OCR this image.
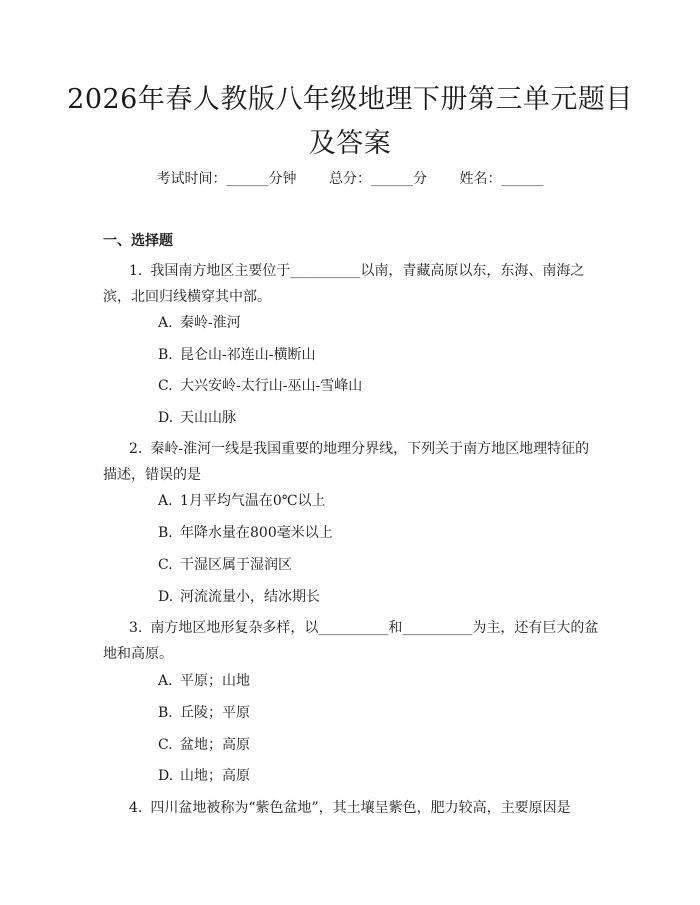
2026年春人教版八年级地理下册第三单元题目及答案
考试时间：______分钟 总分：______分 姓名：______
一、选择题
1. 我国南方地区主要位于__________以南，青藏高原以东，东海、南海之滨，北回归线横穿其中部。
A. 秦岭-淮河
B. 昆仑山-祁连山-横断山
C. 大兴安岭-太行山-巫山-雪峰山
D. 天山山脉
2. 秦岭-淮河一线是我国重要的地理分界线，下列关于南方地区地理特征的描述，错误的是
A. 1月平均气温在0℃以上
B. 年降水量在800毫米以上
C. 干湿区属于湿润区
D. 河流流量小，结冰期长
3. 南方地区地形复杂多样，以__________和__________为主，还有巨大的盆地和高原。
A. 平原；山地
B. 丘陵；平原
C. 盆地；高原
D. 山地；高原
4. 四川盆地被称为“紫色盆地”，其土壤呈紫色，肥力较高，主要原因是
